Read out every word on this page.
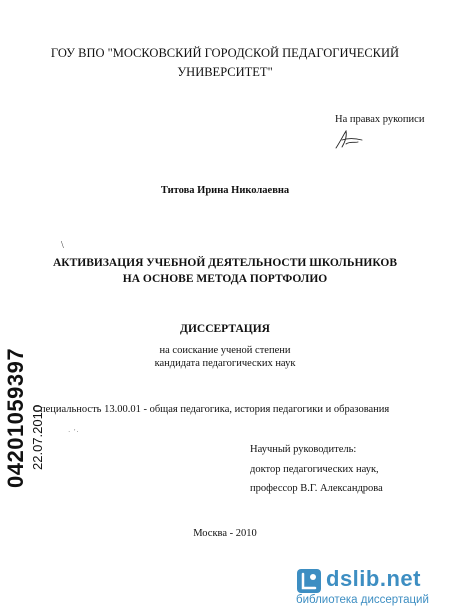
ГОУ ВПО "МОСКОВСКИЙ ГОРОДСКОЙ ПЕДАГОГИЧЕСКИЙ
УНИВЕРСИТЕТ"
На правах рукописи
Титова Ирина Николаевна
\
АКТИВИЗАЦИЯ УЧЕБНОЙ ДЕЯТЕЛЬНОСТИ ШКОЛЬНИКОВ
НА ОСНОВЕ МЕТОДА ПОРТФОЛИО
ДИССЕРТАЦИЯ
на соискание ученой степени
кандидата педагогических наук
Специальность 13.00.01 - общая педагогика, история педагогики и образования
· '·
Научный руководитель:
доктор педагогических наук,
профессор В.Г. Александрова
Москва - 2010
04201059397 22.07.2010
dslib.net
библиотека диссертаций
